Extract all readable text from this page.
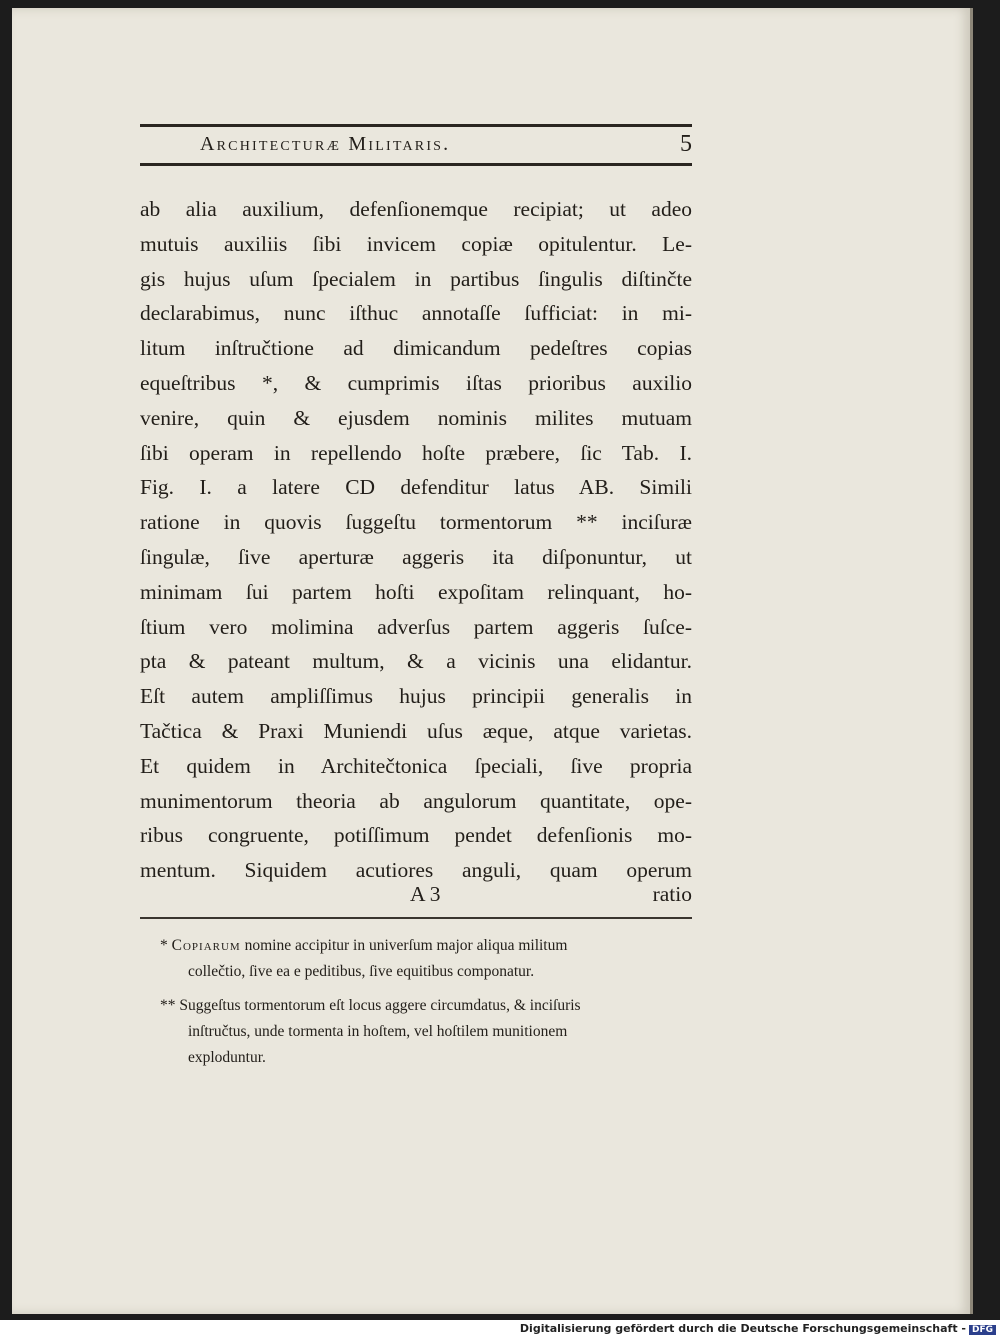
Architecturæ Militaris.	5
ab alia auxilium, defenſionemque recipiat; ut adeo
mutuis auxiliis ſibi invicem copiæ opitulentur. Le-
gis hujus uſum ſpecialem in partibus ſingulis diſtinčte
declarabimus, nunc iſthuc annotaſſe ſufficiat: in mi-
litum inſtručtione ad dimicandum pedeſtres copias
equeſtribus *, & cumprimis iſtas prioribus auxilio
venire, quin & ejusdem nominis milites mutuam
ſibi operam in repellendo hoſte præbere, ſic Tab. I.
Fig. I. a latere CD defenditur latus AB. Simili
ratione in quovis ſuggeſtu tormentorum ** inciſuræ
ſingulæ, ſive aperturæ aggeris ita diſponuntur, ut
minimam ſui partem hoſti expoſitam relinquant, ho-
ſtium vero molimina adverſus partem aggeris ſuſce-
pta & pateant multum, & a vicinis una elidantur.
Eſt autem ampliſſimus hujus principii generalis in
Tačtica & Praxi Muniendi uſus æque, atque varietas.
Et quidem in Architečtonica ſpeciali, ſive propria
munimentorum theoria ab angulorum quantitate, ope-
ribus congruente, potiſſimum pendet defenſionis mo-
mentum. Siquidem acutiores anguli, quam operum
A 3	ratio
* Copiarum nomine accipitur in univerſum major aliqua militum
collečtio, ſive ea e peditibus, ſive equitibus componatur.
** Suggeſtus tormentorum eſt locus aggere circumdatus, & inciſuris
inſtručtus, unde tormenta in hoſtem, vel hoſtilem munitionem
exploduntur.
Digitalisierung gefördert durch die Deutsche Forschungsgemeinschaft - DFG
